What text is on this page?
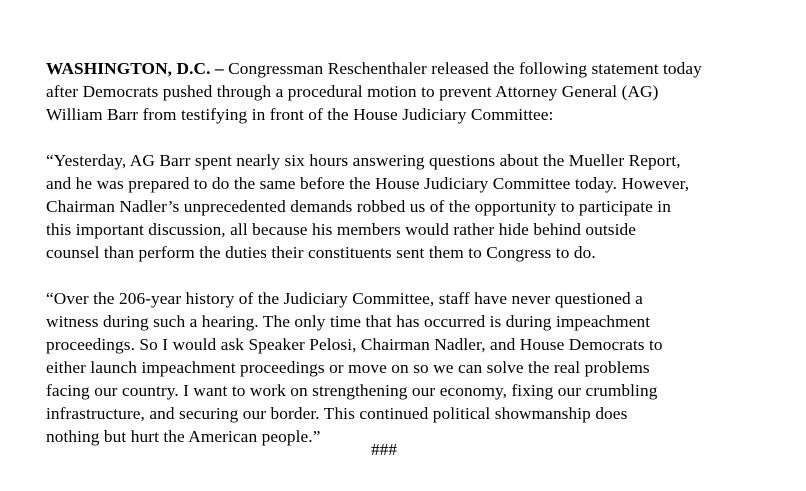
WASHINGTON, D.C. – Congressman Reschenthaler released the following statement today
after Democrats pushed through a procedural motion to prevent Attorney General (AG)
William Barr from testifying in front of the House Judiciary Committee:

“Yesterday, AG Barr spent nearly six hours answering questions about the Mueller Report,
and he was prepared to do the same before the House Judiciary Committee today. However,
Chairman Nadler’s unprecedented demands robbed us of the opportunity to participate in
this important discussion, all because his members would rather hide behind outside
counsel than perform the duties their constituents sent them to Congress to do.

“Over the 206-year history of the Judiciary Committee, staff have never questioned a
witness during such a hearing. The only time that has occurred is during impeachment
proceedings. So I would ask Speaker Pelosi, Chairman Nadler, and House Democrats to
either launch impeachment proceedings or move on so we can solve the real problems
facing our country. I want to work on strengthening our economy, fixing our crumbling
infrastructure, and securing our border. This continued political showmanship does
nothing but hurt the American people.”

###
